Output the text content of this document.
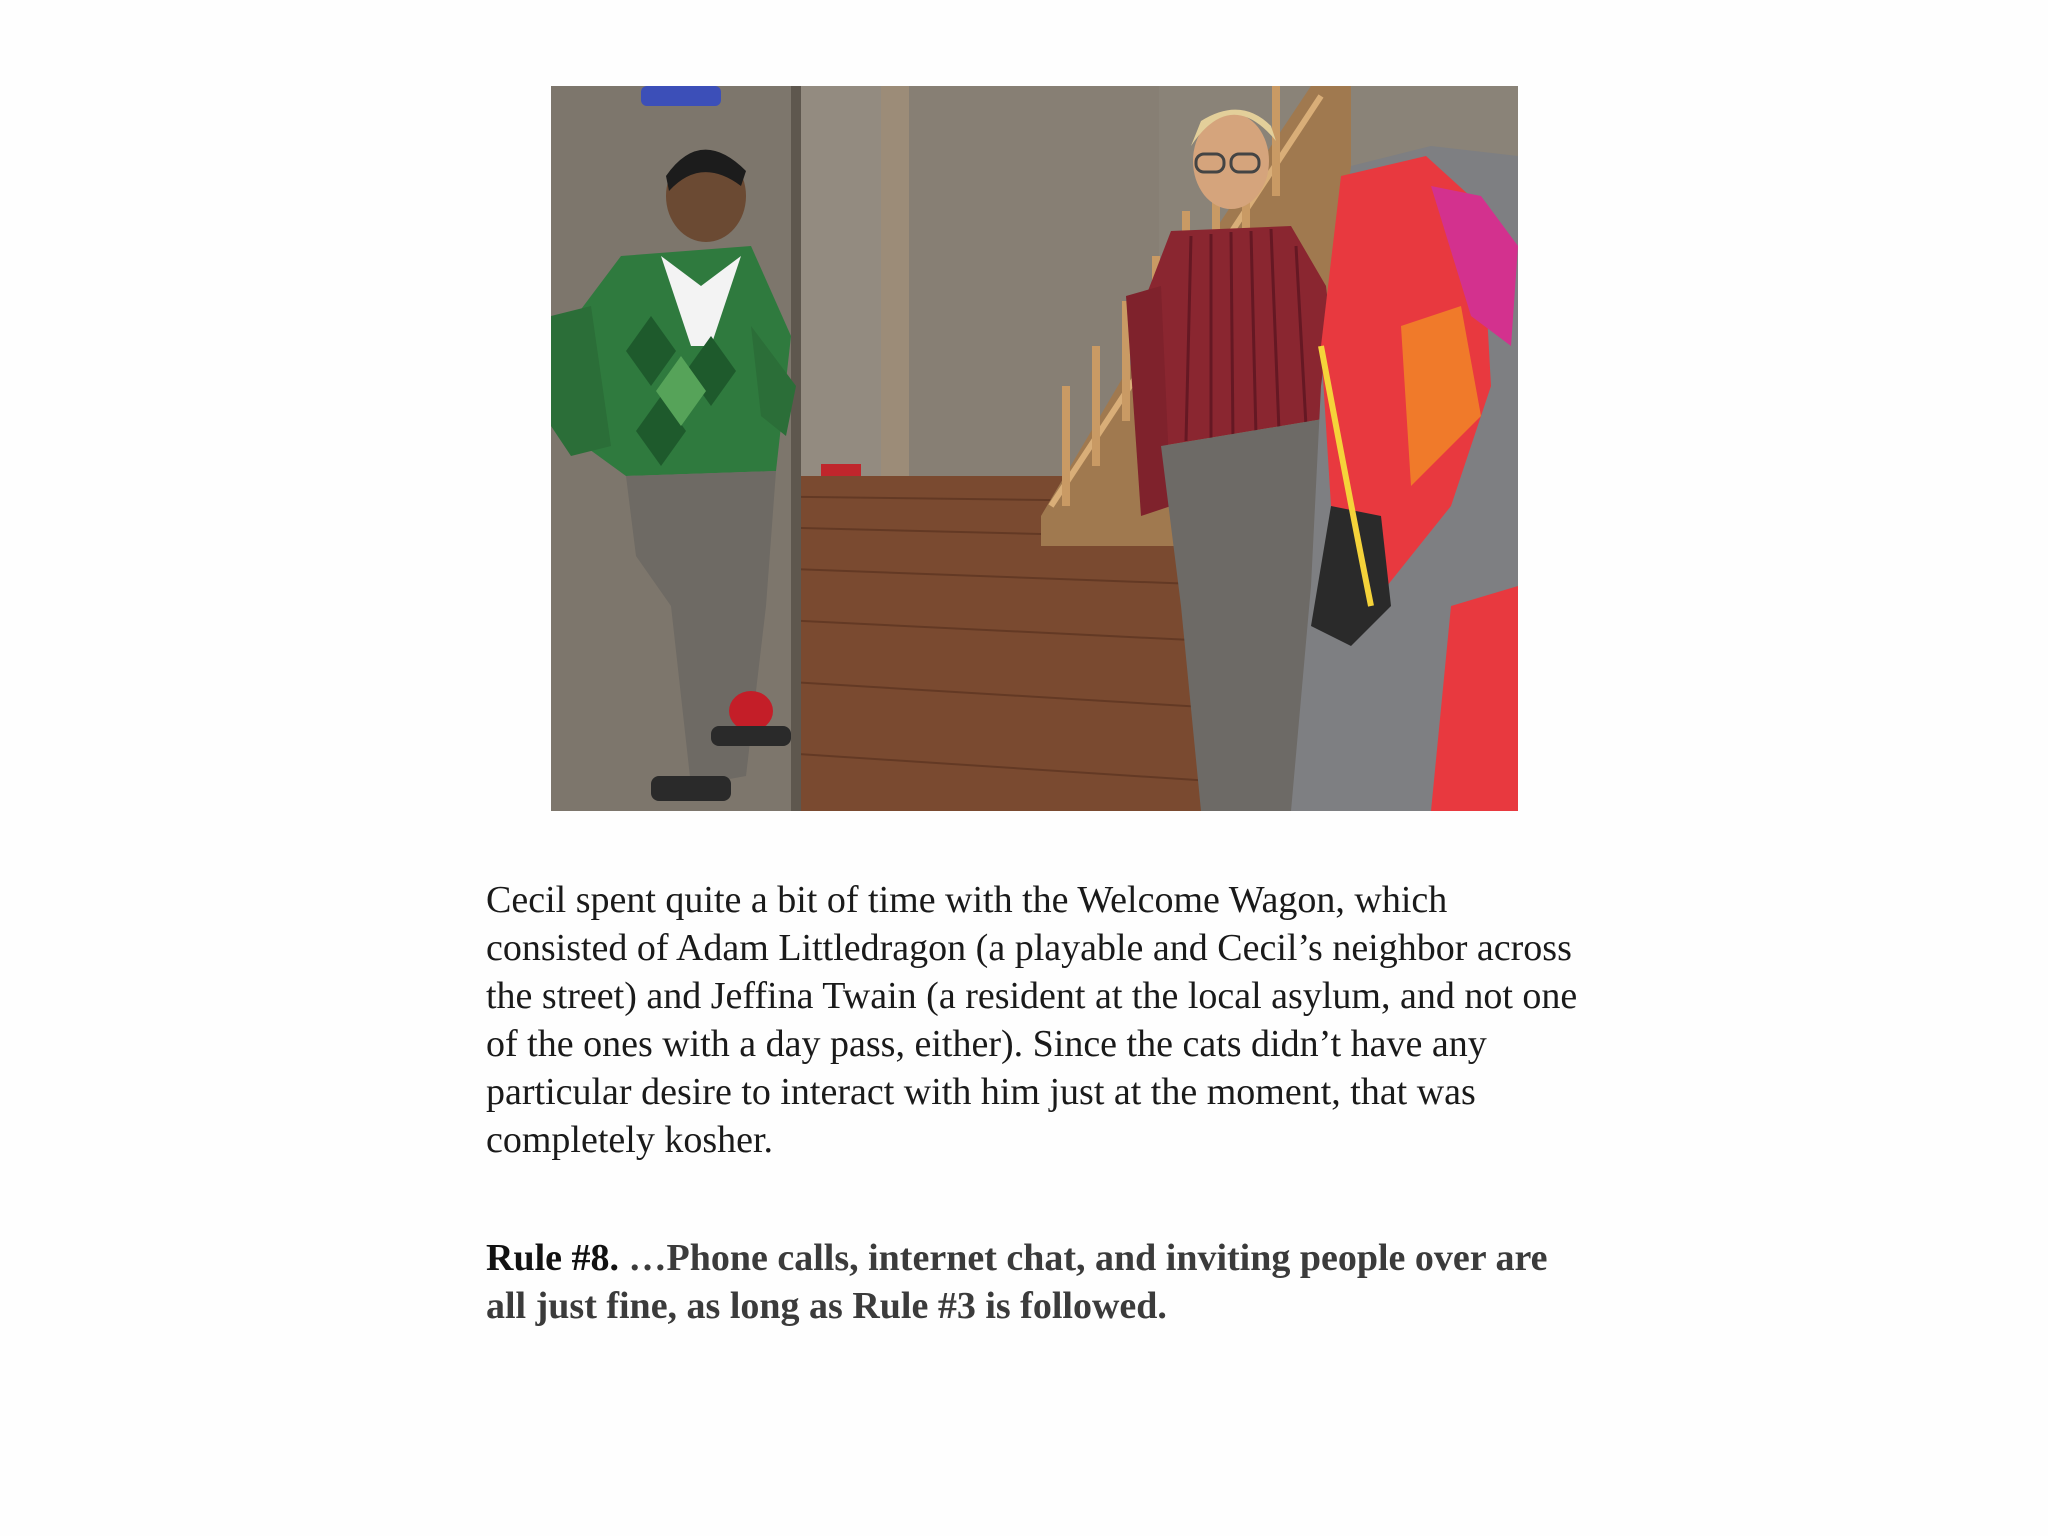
Cecil spent quite a bit of time with the Welcome Wagon, which consisted of Adam Littledragon (a playable and Cecil’s neighbor across the street) and Jeffina Twain (a resident at the local asylum, and not one of the ones with a day pass, either). Since the cats didn’t have any particular desire to interact with him just at the moment, that was completely kosher.

Rule #8. …Phone calls, internet chat, and inviting people over are all just fine, as long as Rule #3 is followed.
